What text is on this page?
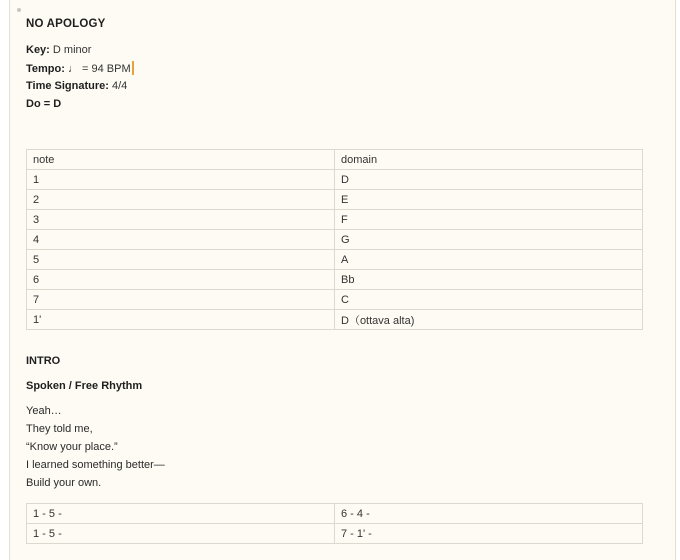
NO APOLOGY
Key: D minor
Tempo: ♩ = 94 BPM
Time Signature: 4/4
Do = D
note	domain
1	D
2	E
3	F
4	G
5	A
6	Bb
7	C
1'	D（ottava alta)
INTRO
Spoken / Free Rhythm
Yeah…
They told me,
“Know your place.”
I learned something better—
Build your own.
1 - 5 -	6 - 4 -
1 - 5 -	7 - 1' -
